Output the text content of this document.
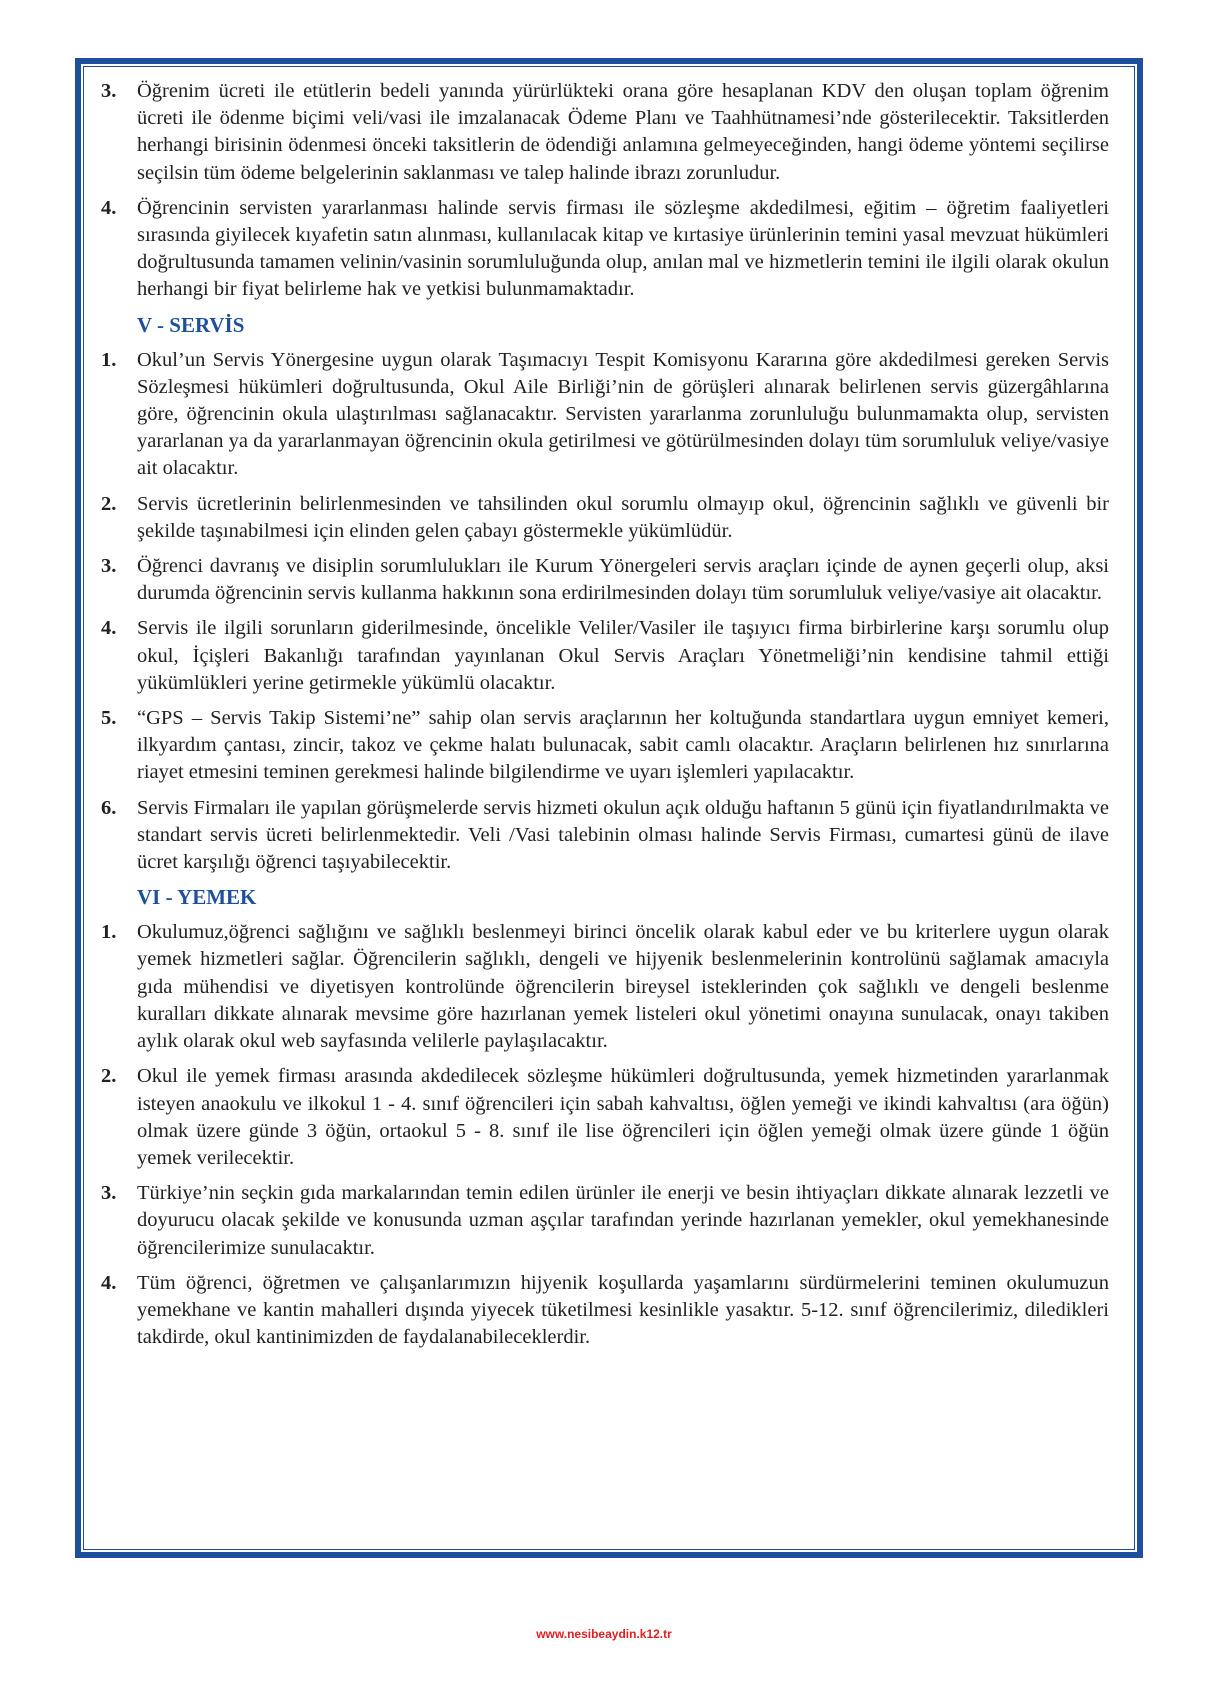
3.	Öğrenim ücreti ile etütlerin bedeli yanında yürürlükteki orana göre hesaplanan KDV den oluşan toplam öğrenim ücreti ile ödenme biçimi veli/vasi ile imzalanacak Ödeme Planı ve Taahhütnamesi’nde gösterilecektir. Taksitlerden herhangi birisinin ödenmesi önceki taksitlerin de ödendiği anlamına gelmeyeceğinden, hangi ödeme yöntemi seçilirse seçilsin tüm ödeme belgelerinin saklanması ve talep halinde ibrazı zorunludur.
4.	Öğrencinin servisten yararlanması halinde servis firması ile sözleşme akdedilmesi, eğitim – öğretim faaliyetleri sırasında giyilecek kıyafetin satın alınması, kullanılacak kitap ve kırtasiye ürünlerinin temini yasal mevzuat hükümleri doğrultusunda tamamen velinin/vasinin sorumluluğunda olup, anılan mal ve hizmetlerin temini ile ilgili olarak okulun herhangi bir fiyat belirleme hak ve yetkisi bulunmamaktadır.
V - SERVİS
1.	Okul’un Servis Yönergesine uygun olarak Taşımacıyı Tespit Komisyonu Kararına göre akdedilmesi gereken Servis Sözleşmesi hükümleri doğrultusunda, Okul Aile Birliği’nin de görüşleri alınarak belirlenen servis güzergâhlarına göre, öğrencinin okula ulaştırılması sağlanacaktır. Servisten yararlanma zorunluluğu bulunmamakta olup, servisten yararlanan ya da yararlanmayan öğrencinin okula getirilmesi ve götürülmesinden dolayı tüm sorumluluk veliye/vasiye ait olacaktır.
2.	Servis ücretlerinin belirlenmesinden ve tahsilinden okul sorumlu olmayıp okul, öğrencinin sağlıklı ve güvenli bir şekilde taşınabilmesi için elinden gelen çabayı göstermekle yükümlüdür.
3.	Öğrenci davranış ve disiplin sorumlulukları ile Kurum Yönergeleri servis araçları içinde de aynen geçerli olup, aksi durumda öğrencinin servis kullanma hakkının sona erdirilmesinden dolayı tüm sorumluluk veliye/vasiye ait olacaktır.
4.	Servis ile ilgili sorunların giderilmesinde, öncelikle Veliler/Vasiler ile taşıyıcı firma birbirlerine karşı sorumlu olup okul, İçişleri Bakanlığı tarafından yayınlanan Okul Servis Araçları Yönetmeliği’nin kendisine tahmil ettiği yükümlükleri yerine getirmekle yükümlü olacaktır.
5.	“GPS – Servis Takip Sistemi’ne” sahip olan servis araçlarının her koltuğunda standartlara uygun emniyet kemeri, ilkyardım çantası, zincir, takoz ve çekme halatı bulunacak, sabit camlı olacaktır. Araçların belirlenen hız sınırlarına riayet etmesini teminen gerekmesi halinde bilgilendirme ve uyarı işlemleri yapılacaktır.
6.	Servis Firmaları ile yapılan görüşmelerde servis hizmeti okulun açık olduğu haftanın 5 günü için fiyatlandırılmakta ve standart servis ücreti belirlenmektedir. Veli /Vasi talebinin olması halinde Servis Firması, cumartesi günü de ilave ücret karşılığı öğrenci taşıyabilecektir.
VI - YEMEK
1.	Okulumuz,öğrenci sağlığını ve sağlıklı beslenmeyi birinci öncelik olarak kabul eder ve bu kriterlere uygun olarak yemek hizmetleri sağlar. Öğrencilerin sağlıklı, dengeli ve hijyenik beslenmelerinin kontrolünü sağlamak amacıyla gıda mühendisi ve diyetisyen kontrolünde öğrencilerin bireysel isteklerinden çok sağlıklı ve dengeli beslenme kuralları dikkate alınarak mevsime göre hazırlanan yemek listeleri okul yönetimi onayına sunulacak, onayı takiben aylık olarak okul web sayfasında velilerle paylaşılacaktır.
2.	Okul ile yemek firması arasında akdedilecek sözleşme hükümleri doğrultusunda, yemek hizmetinden yararlanmak isteyen anaokulu ve ilkokul 1 - 4. sınıf öğrencileri için sabah kahvaltısı, öğlen yemeği ve ikindi kahvaltısı (ara öğün) olmak üzere günde 3 öğün, ortaokul 5 - 8. sınıf ile lise öğrencileri için öğlen yemeği olmak üzere günde 1 öğün yemek verilecektir.
3.	Türkiye’nin seçkin gıda markalarından temin edilen ürünler ile enerji ve besin ihtiyaçları dikkate alınarak lezzetli ve doyurucu olacak şekilde ve konusunda uzman aşçılar tarafından yerinde hazırlanan yemekler, okul yemekhanesinde öğrencilerimize sunulacaktır.
4.	Tüm öğrenci, öğretmen ve çalışanlarımızın hijyenik koşullarda yaşamlarını sürdürmelerini teminen okulumuzun yemekhane ve kantin mahalleri dışında yiyecek tüketilmesi kesinlikle yasaktır. 5-12. sınıf öğrencilerimiz, diledikleri takdirde, okul kantinimizden de faydalanabileceklerdir.
www.nesibeaydin.k12.tr
